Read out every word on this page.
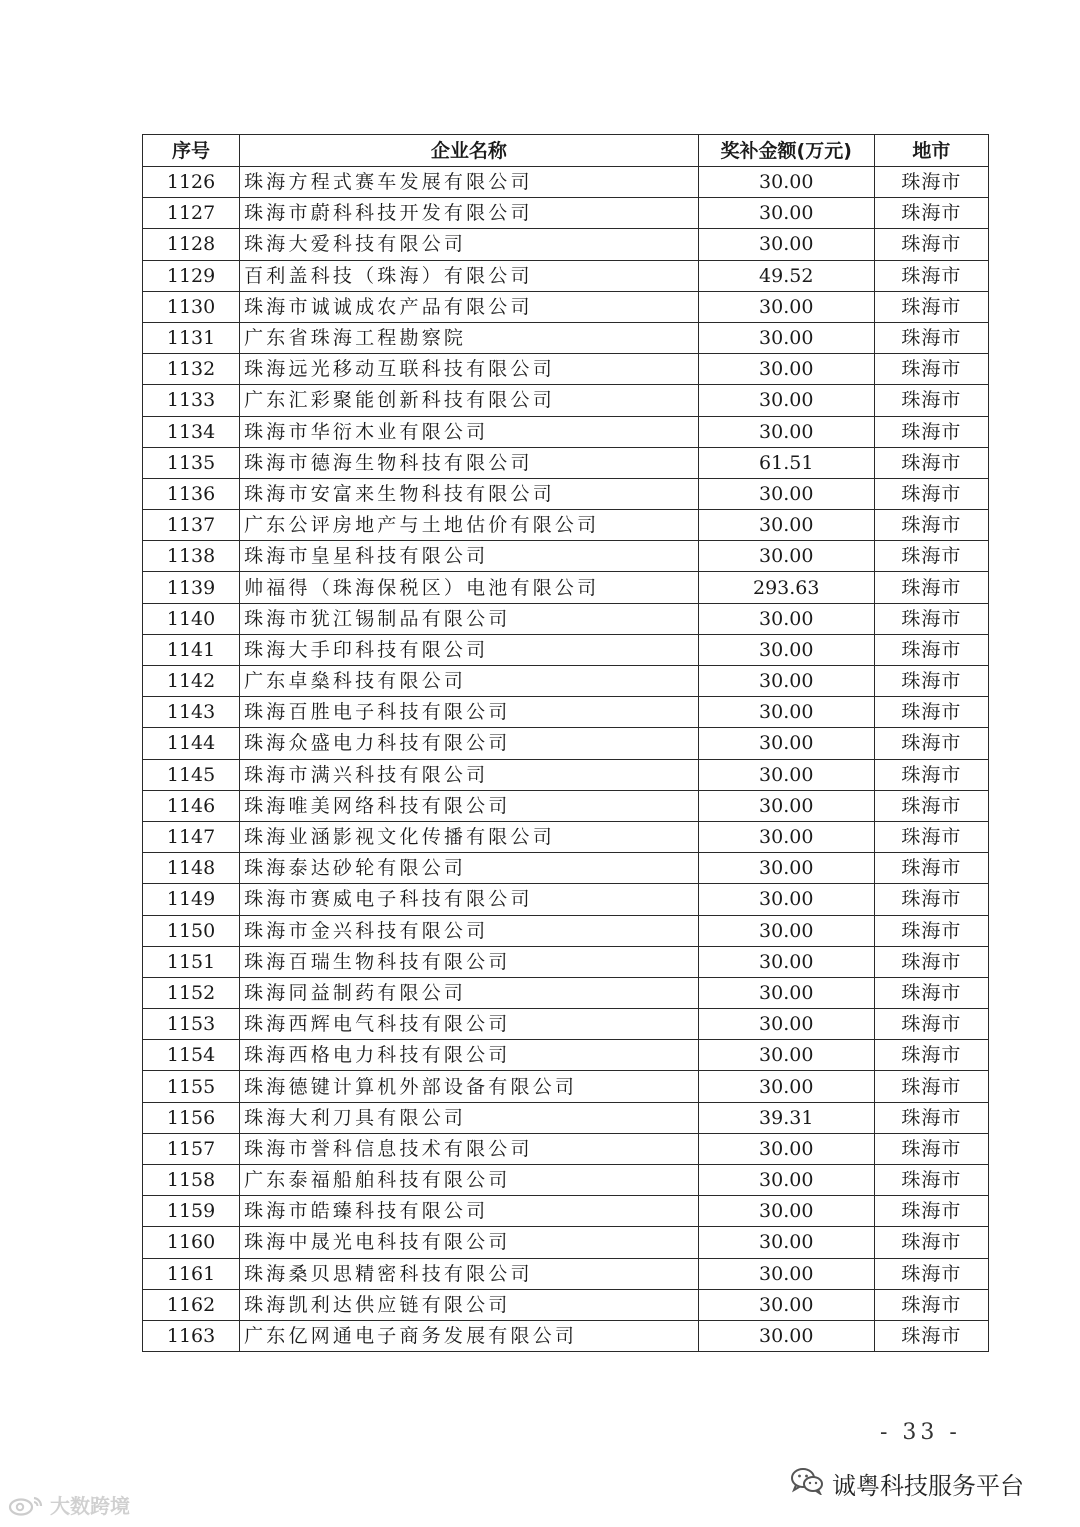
序号	企业名称	奖补金额(万元)	地市
1126	珠海方程式赛车发展有限公司	30.00	珠海市
1127	珠海市蔚科科技开发有限公司	30.00	珠海市
1128	珠海大爱科技有限公司	30.00	珠海市
1129	百利盖科技（珠海）有限公司	49.52	珠海市
1130	珠海市诚诚成农产品有限公司	30.00	珠海市
1131	广东省珠海工程勘察院	30.00	珠海市
1132	珠海远光移动互联科技有限公司	30.00	珠海市
1133	广东汇彩聚能创新科技有限公司	30.00	珠海市
1134	珠海市华衍木业有限公司	30.00	珠海市
1135	珠海市德海生物科技有限公司	61.51	珠海市
1136	珠海市安富来生物科技有限公司	30.00	珠海市
1137	广东公评房地产与土地估价有限公司	30.00	珠海市
1138	珠海市皇星科技有限公司	30.00	珠海市
1139	帅福得（珠海保税区）电池有限公司	293.63	珠海市
1140	珠海市犹江锡制品有限公司	30.00	珠海市
1141	珠海大手印科技有限公司	30.00	珠海市
1142	广东卓燊科技有限公司	30.00	珠海市
1143	珠海百胜电子科技有限公司	30.00	珠海市
1144	珠海众盛电力科技有限公司	30.00	珠海市
1145	珠海市满兴科技有限公司	30.00	珠海市
1146	珠海唯美网络科技有限公司	30.00	珠海市
1147	珠海业涵影视文化传播有限公司	30.00	珠海市
1148	珠海泰达砂轮有限公司	30.00	珠海市
1149	珠海市赛威电子科技有限公司	30.00	珠海市
1150	珠海市金兴科技有限公司	30.00	珠海市
1151	珠海百瑞生物科技有限公司	30.00	珠海市
1152	珠海同益制药有限公司	30.00	珠海市
1153	珠海西辉电气科技有限公司	30.00	珠海市
1154	珠海西格电力科技有限公司	30.00	珠海市
1155	珠海德键计算机外部设备有限公司	30.00	珠海市
1156	珠海大利刀具有限公司	39.31	珠海市
1157	珠海市誉科信息技术有限公司	30.00	珠海市
1158	广东泰福船舶科技有限公司	30.00	珠海市
1159	珠海市皓臻科技有限公司	30.00	珠海市
1160	珠海中晟光电科技有限公司	30.00	珠海市
1161	珠海桑贝思精密科技有限公司	30.00	珠海市
1162	珠海凯利达供应链有限公司	30.00	珠海市
1163	广东亿网通电子商务发展有限公司	30.00	珠海市
- 33 -
大数跨境
诚粤科技服务平台
